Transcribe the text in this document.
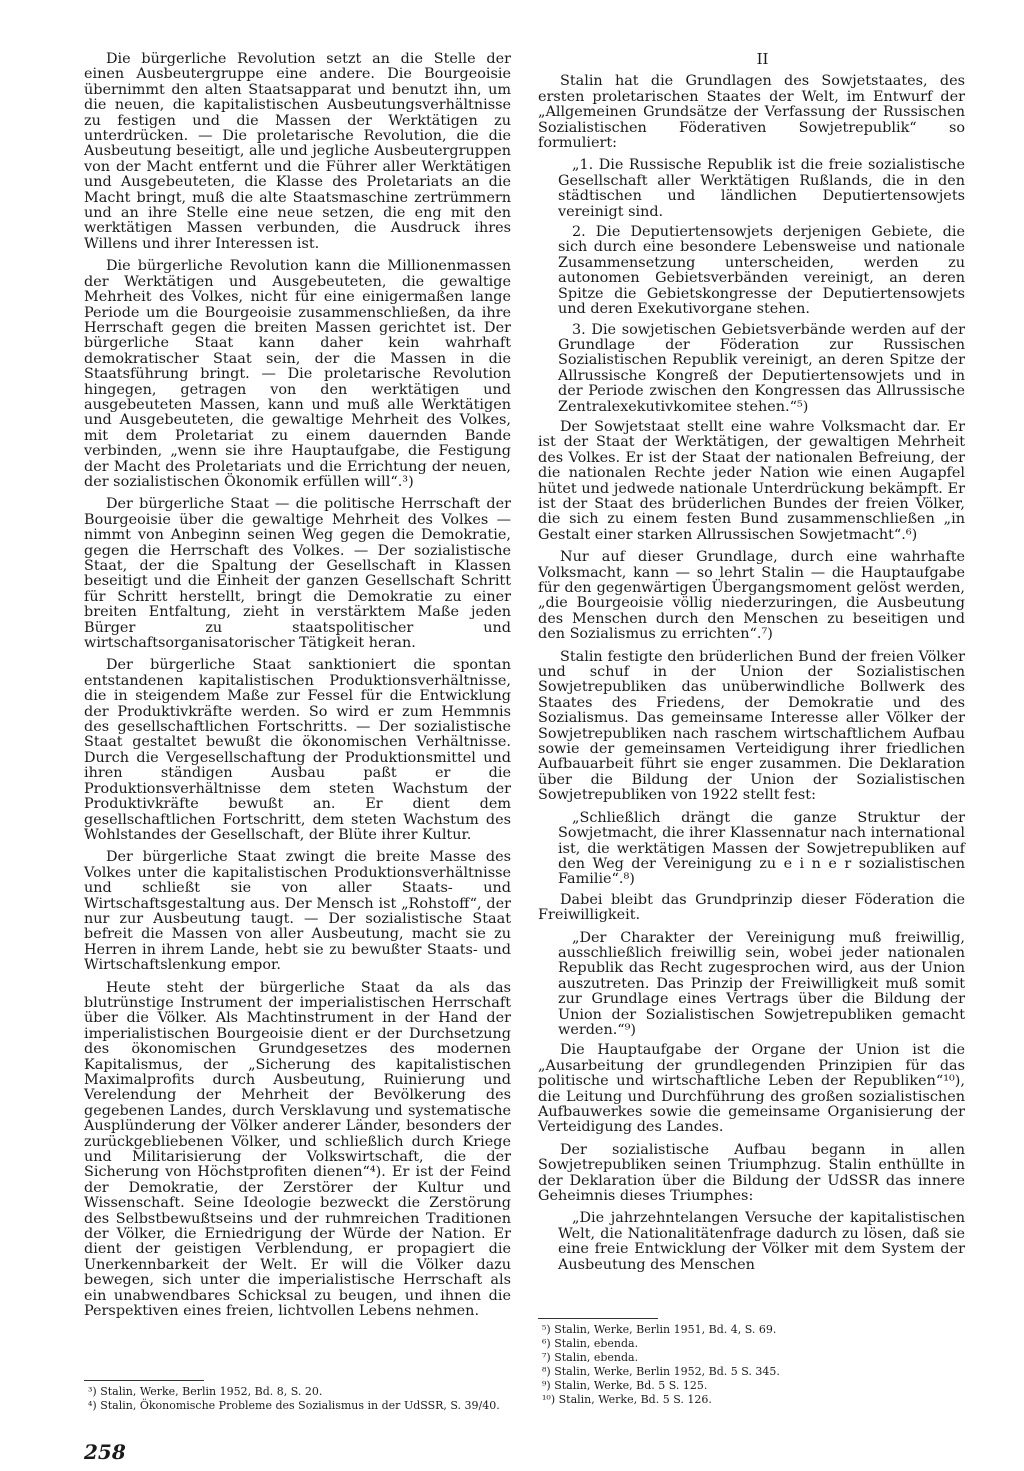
Die bürgerliche Revolution setzt an die Stelle der einen Ausbeutergruppe eine andere. Die Bourgeoisie übernimmt den alten Staatsapparat und benutzt ihn, um die neuen, die kapitalistischen Ausbeutungsverhältnisse zu festigen und die Massen der Werktätigen zu unterdrücken. — Die proletarische Revolution, die die Ausbeutung beseitigt, alle und jegliche Ausbeutergruppen von der Macht entfernt und die Führer aller Werktätigen und Ausgebeuteten, die Klasse des Proletariats an die Macht bringt, muß die alte Staatsmaschine zertrümmern und an ihre Stelle eine neue setzen, die eng mit den werktätigen Massen verbunden, die Ausdruck ihres Willens und ihrer Interessen ist.

Die bürgerliche Revolution kann die Millionenmassen der Werktätigen und Ausgebeuteten, die gewaltige Mehrheit des Volkes, nicht für eine einigermaßen lange Periode um die Bourgeoisie zusammenschließen, da ihre Herrschaft gegen die breiten Massen gerichtet ist. Der bürgerliche Staat kann daher kein wahrhaft demokratischer Staat sein, der die Massen in die Staatsführung bringt. — Die proletarische Revolution hingegen, getragen von den werktätigen und ausgebeuteten Massen, kann und muß alle Werktätigen und Ausgebeuteten, die gewaltige Mehrheit des Volkes, mit dem Proletariat zu einem dauernden Bande verbinden, „wenn sie ihre Hauptaufgabe, die Festigung der Macht des Proletariats und die Errichtung der neuen, der sozialistischen Ökonomik erfüllen will“.³)

Der bürgerliche Staat — die politische Herrschaft der Bourgeoisie über die gewaltige Mehrheit des Volkes — nimmt von Anbeginn seinen Weg gegen die Demokratie, gegen die Herrschaft des Volkes. — Der sozialistische Staat, der die Spaltung der Gesellschaft in Klassen beseitigt und die Einheit der ganzen Gesellschaft Schritt für Schritt herstellt, bringt die Demokratie zu einer breiten Entfaltung, zieht in verstärktem Maße jeden Bürger zu staatspolitischer und wirtschaftsorganisatorischer Tätigkeit heran.

Der bürgerliche Staat sanktioniert die spontan entstandenen kapitalistischen Produktionsverhältnisse, die in steigendem Maße zur Fessel für die Entwicklung der Produktivkräfte werden. So wird er zum Hemmnis des gesellschaftlichen Fortschritts. — Der sozialistische Staat gestaltet bewußt die ökonomischen Verhältnisse. Durch die Vergesellschaftung der Produktionsmittel und ihren ständigen Ausbau paßt er die Produktionsverhältnisse dem steten Wachstum der Produktivkräfte bewußt an. Er dient dem gesellschaftlichen Fortschritt, dem steten Wachstum des Wohlstandes der Gesellschaft, der Blüte ihrer Kultur.

Der bürgerliche Staat zwingt die breite Masse des Volkes unter die kapitalistischen Produktionsverhältnisse und schließt sie von aller Staats- und Wirtschaftsgestaltung aus. Der Mensch ist „Rohstoff“, der nur zur Ausbeutung taugt. — Der sozialistische Staat befreit die Massen von aller Ausbeutung, macht sie zu Herren in ihrem Lande, hebt sie zu bewußter Staats- und Wirtschaftslenkung empor.

Heute steht der bürgerliche Staat da als das blutrünstige Instrument der imperialistischen Herrschaft über die Völker. Als Machtinstrument in der Hand der imperialistischen Bourgeoisie dient er der Durchsetzung des ökonomischen Grundgesetzes des modernen Kapitalismus, der „Sicherung des kapitalistischen Maximalprofits durch Ausbeutung, Ruinierung und Verelendung der Mehrheit der Bevölkerung des gegebenen Landes, durch Versklavung und systematische Ausplünderung der Völker anderer Länder, besonders der zurückgebliebenen Völker, und schließlich durch Kriege und Militarisierung der Volkswirtschaft, die der Sicherung von Höchstprofiten dienen“⁴). Er ist der Feind der Demokratie, der Zerstörer der Kultur und Wissenschaft. Seine Ideologie bezweckt die Zerstörung des Selbstbewußtseins und der ruhmreichen Traditionen der Völker, die Erniedrigung der Würde der Nation. Er dient der geistigen Verblendung, er propagiert die Unerkennbarkeit der Welt. Er will die Völker dazu bewegen, sich unter die imperialistische Herrschaft als ein unabwendbares Schicksal zu beugen, und ihnen die Perspektiven eines freien, lichtvollen Lebens nehmen.

II

Stalin hat die Grundlagen des Sowjetstaates, des ersten proletarischen Staates der Welt, im Entwurf der „Allgemeinen Grundsätze der Verfassung der Russischen Sozialistischen Föderativen Sowjetrepublik“ so formuliert:

„1. Die Russische Republik ist die freie sozialistische Gesellschaft aller Werktätigen Rußlands, die in den städtischen und ländlichen Deputiertensowjets vereinigt sind.

2. Die Deputiertensowjets derjenigen Gebiete, die sich durch eine besondere Lebensweise und nationale Zusammensetzung unterscheiden, werden zu autonomen Gebietsverbänden vereinigt, an deren Spitze die Gebietskongresse der Deputiertensowjets und deren Exekutivorgane stehen.

3. Die sowjetischen Gebietsverbände werden auf der Grundlage der Föderation zur Russischen Sozialistischen Republik vereinigt, an deren Spitze der Allrussische Kongreß der Deputiertensowjets und in der Periode zwischen den Kongressen das Allrussische Zentralexekutivkomitee stehen.“⁵)

Der Sowjetstaat stellt eine wahre Volksmacht dar. Er ist der Staat der Werktätigen, der gewaltigen Mehrheit des Volkes. Er ist der Staat der nationalen Befreiung, der die nationalen Rechte jeder Nation wie einen Augapfel hütet und jedwede nationale Unterdrückung bekämpft. Er ist der Staat des brüderlichen Bundes der freien Völker, die sich zu einem festen Bund zusammenschließen „in Gestalt einer starken Allrussischen Sowjetmacht“.⁶)

Nur auf dieser Grundlage, durch eine wahrhafte Volksmacht, kann — so lehrt Stalin — die Hauptaufgabe für den gegenwärtigen Übergangsmoment gelöst werden, „die Bourgeoisie völlig niederzuringen, die Ausbeutung des Menschen durch den Menschen zu beseitigen und den Sozialismus zu errichten“.⁷)

Stalin festigte den brüderlichen Bund der freien Völker und schuf in der Union der Sozialistischen Sowjetrepubliken das unüberwindliche Bollwerk des Staates des Friedens, der Demokratie und des Sozialismus. Das gemeinsame Interesse aller Völker der Sowjetrepubliken nach raschem wirtschaftlichem Aufbau sowie der gemeinsamen Verteidigung ihrer friedlichen Aufbauarbeit führt sie enger zusammen. Die Deklaration über die Bildung der Union der Sozialistischen Sowjetrepubliken von 1922 stellt fest:

„Schließlich drängt die ganze Struktur der Sowjetmacht, die ihrer Klassennatur nach international ist, die werktätigen Massen der Sowjetrepubliken auf den Weg der Vereinigung zu e i n e r sozialistischen Familie“.⁸)

Dabei bleibt das Grundprinzip dieser Föderation die Freiwilligkeit.

„Der Charakter der Vereinigung muß freiwillig, ausschließlich freiwillig sein, wobei jeder nationalen Republik das Recht zugesprochen wird, aus der Union auszutreten. Das Prinzip der Freiwilligkeit muß somit zur Grundlage eines Vertrags über die Bildung der Union der Sozialistischen Sowjetrepubliken gemacht werden.“⁹)

Die Hauptaufgabe der Organe der Union ist die „Ausarbeitung der grundlegenden Prinzipien für das politische und wirtschaftliche Leben der Republiken“¹⁰), die Leitung und Durchführung des großen sozialistischen Aufbauwerkes sowie die gemeinsame Organisierung der Verteidigung des Landes.

Der sozialistische Aufbau begann in allen Sowjetrepubliken seinen Triumphzug. Stalin enthüllte in der Deklaration über die Bildung der UdSSR das innere Geheimnis dieses Triumphes:

„Die jahrzehntelangen Versuche der kapitalistischen Welt, die Nationalitätenfrage dadurch zu lösen, daß sie eine freie Entwicklung der Völker mit dem System der Ausbeutung des Menschen

³) Stalin, Werke, Berlin 1952, Bd. 8, S. 20.

⁴) Stalin, Ökonomische Probleme des Sozialismus in der UdSSR, S. 39/40.

⁵) Stalin, Werke, Berlin 1951, Bd. 4, S. 69.

⁶) Stalin, ebenda.

⁷) Stalin, ebenda.

⁸) Stalin, Werke, Berlin 1952, Bd. 5 S. 345.

⁹) Stalin, Werke, Bd. 5 S. 125.

¹⁰) Stalin, Werke, Bd. 5 S. 126.

258
